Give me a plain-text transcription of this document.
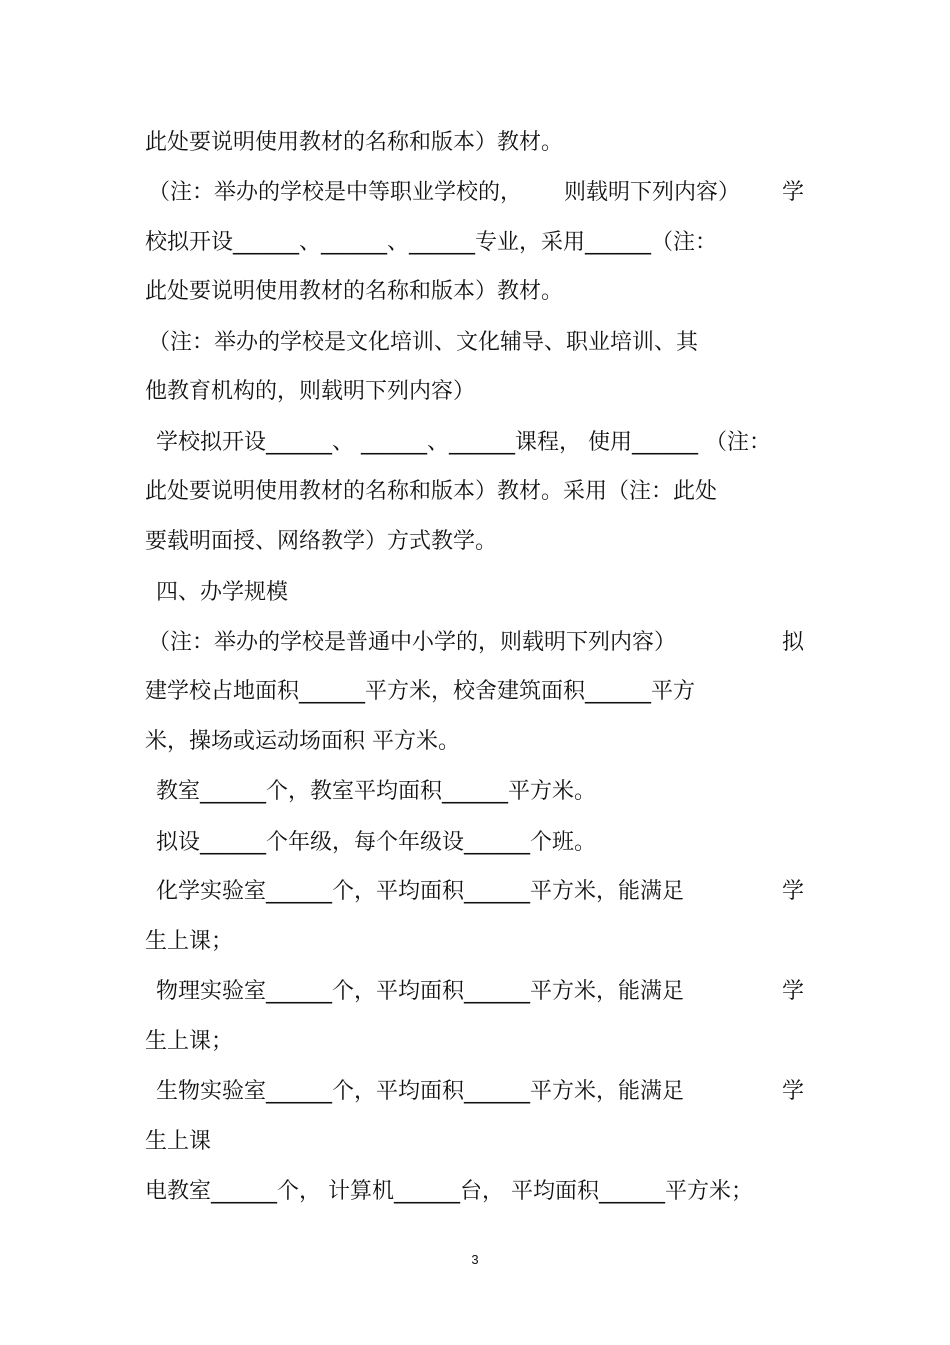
此处要说明使用教材的名称和版本）教材。

（注：举办的学校是中等职业学校的， 则载明下列内容） 学

校拟开设______、______、______专业，采用______（注：

此处要说明使用教材的名称和版本）教材。

（注：举办的学校是文化培训、文化辅导、职业培训、其

他教育机构的，则载明下列内容）

学校拟开设______、 ______、______课程， 使用______ （注：

此处要说明使用教材的名称和版本）教材。采用（注：此处

要载明面授、网络教学）方式教学。

四、办学规模

（注：举办的学校是普通中小学的，则载明下列内容）	拟

建学校占地面积______平方米，校舍建筑面积______平方

米，操场或运动场面积 平方米。

教室______个，教室平均面积______平方米。

拟设______个年级，每个年级设______个班。

化学实验室______个，平均面积______平方米，能满足	学

生上课；

物理实验室______个，平均面积______平方米，能满足	学

生上课；

生物实验室______个，平均面积______平方米，能满足	学

生上课

电教室______个， 计算机______台， 平均面积______平方米；

3
